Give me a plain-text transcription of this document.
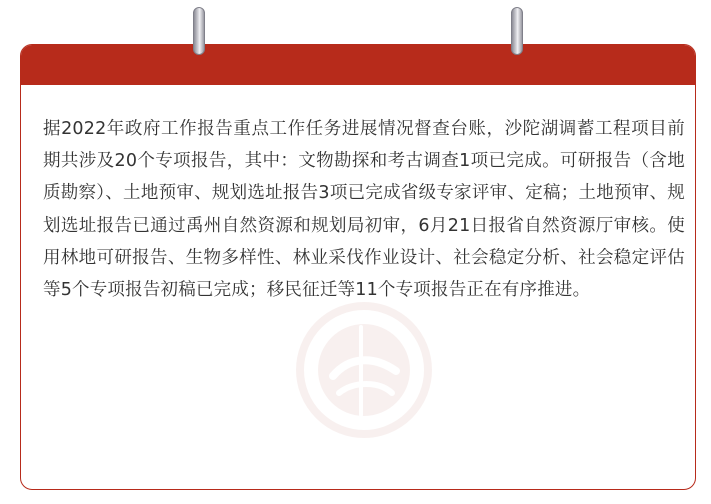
据2022年政府工作报告重点工作任务进展情况督查台账，沙陀湖调蓄工程项目前期共涉及20个专项报告，其中：文物勘探和考古调查1项已完成。可研报告（含地质勘察）、土地预审、规划选址报告3项已完成省级专家评审、定稿；土地预审、规划选址报告已通过禹州自然资源和规划局初审，6月21日报省自然资源厅审核。使用林地可研报告、生物多样性、林业采伐作业设计、社会稳定分析、社会稳定评估等5个专项报告初稿已完成；移民征迁等11个专项报告正在有序推进。
